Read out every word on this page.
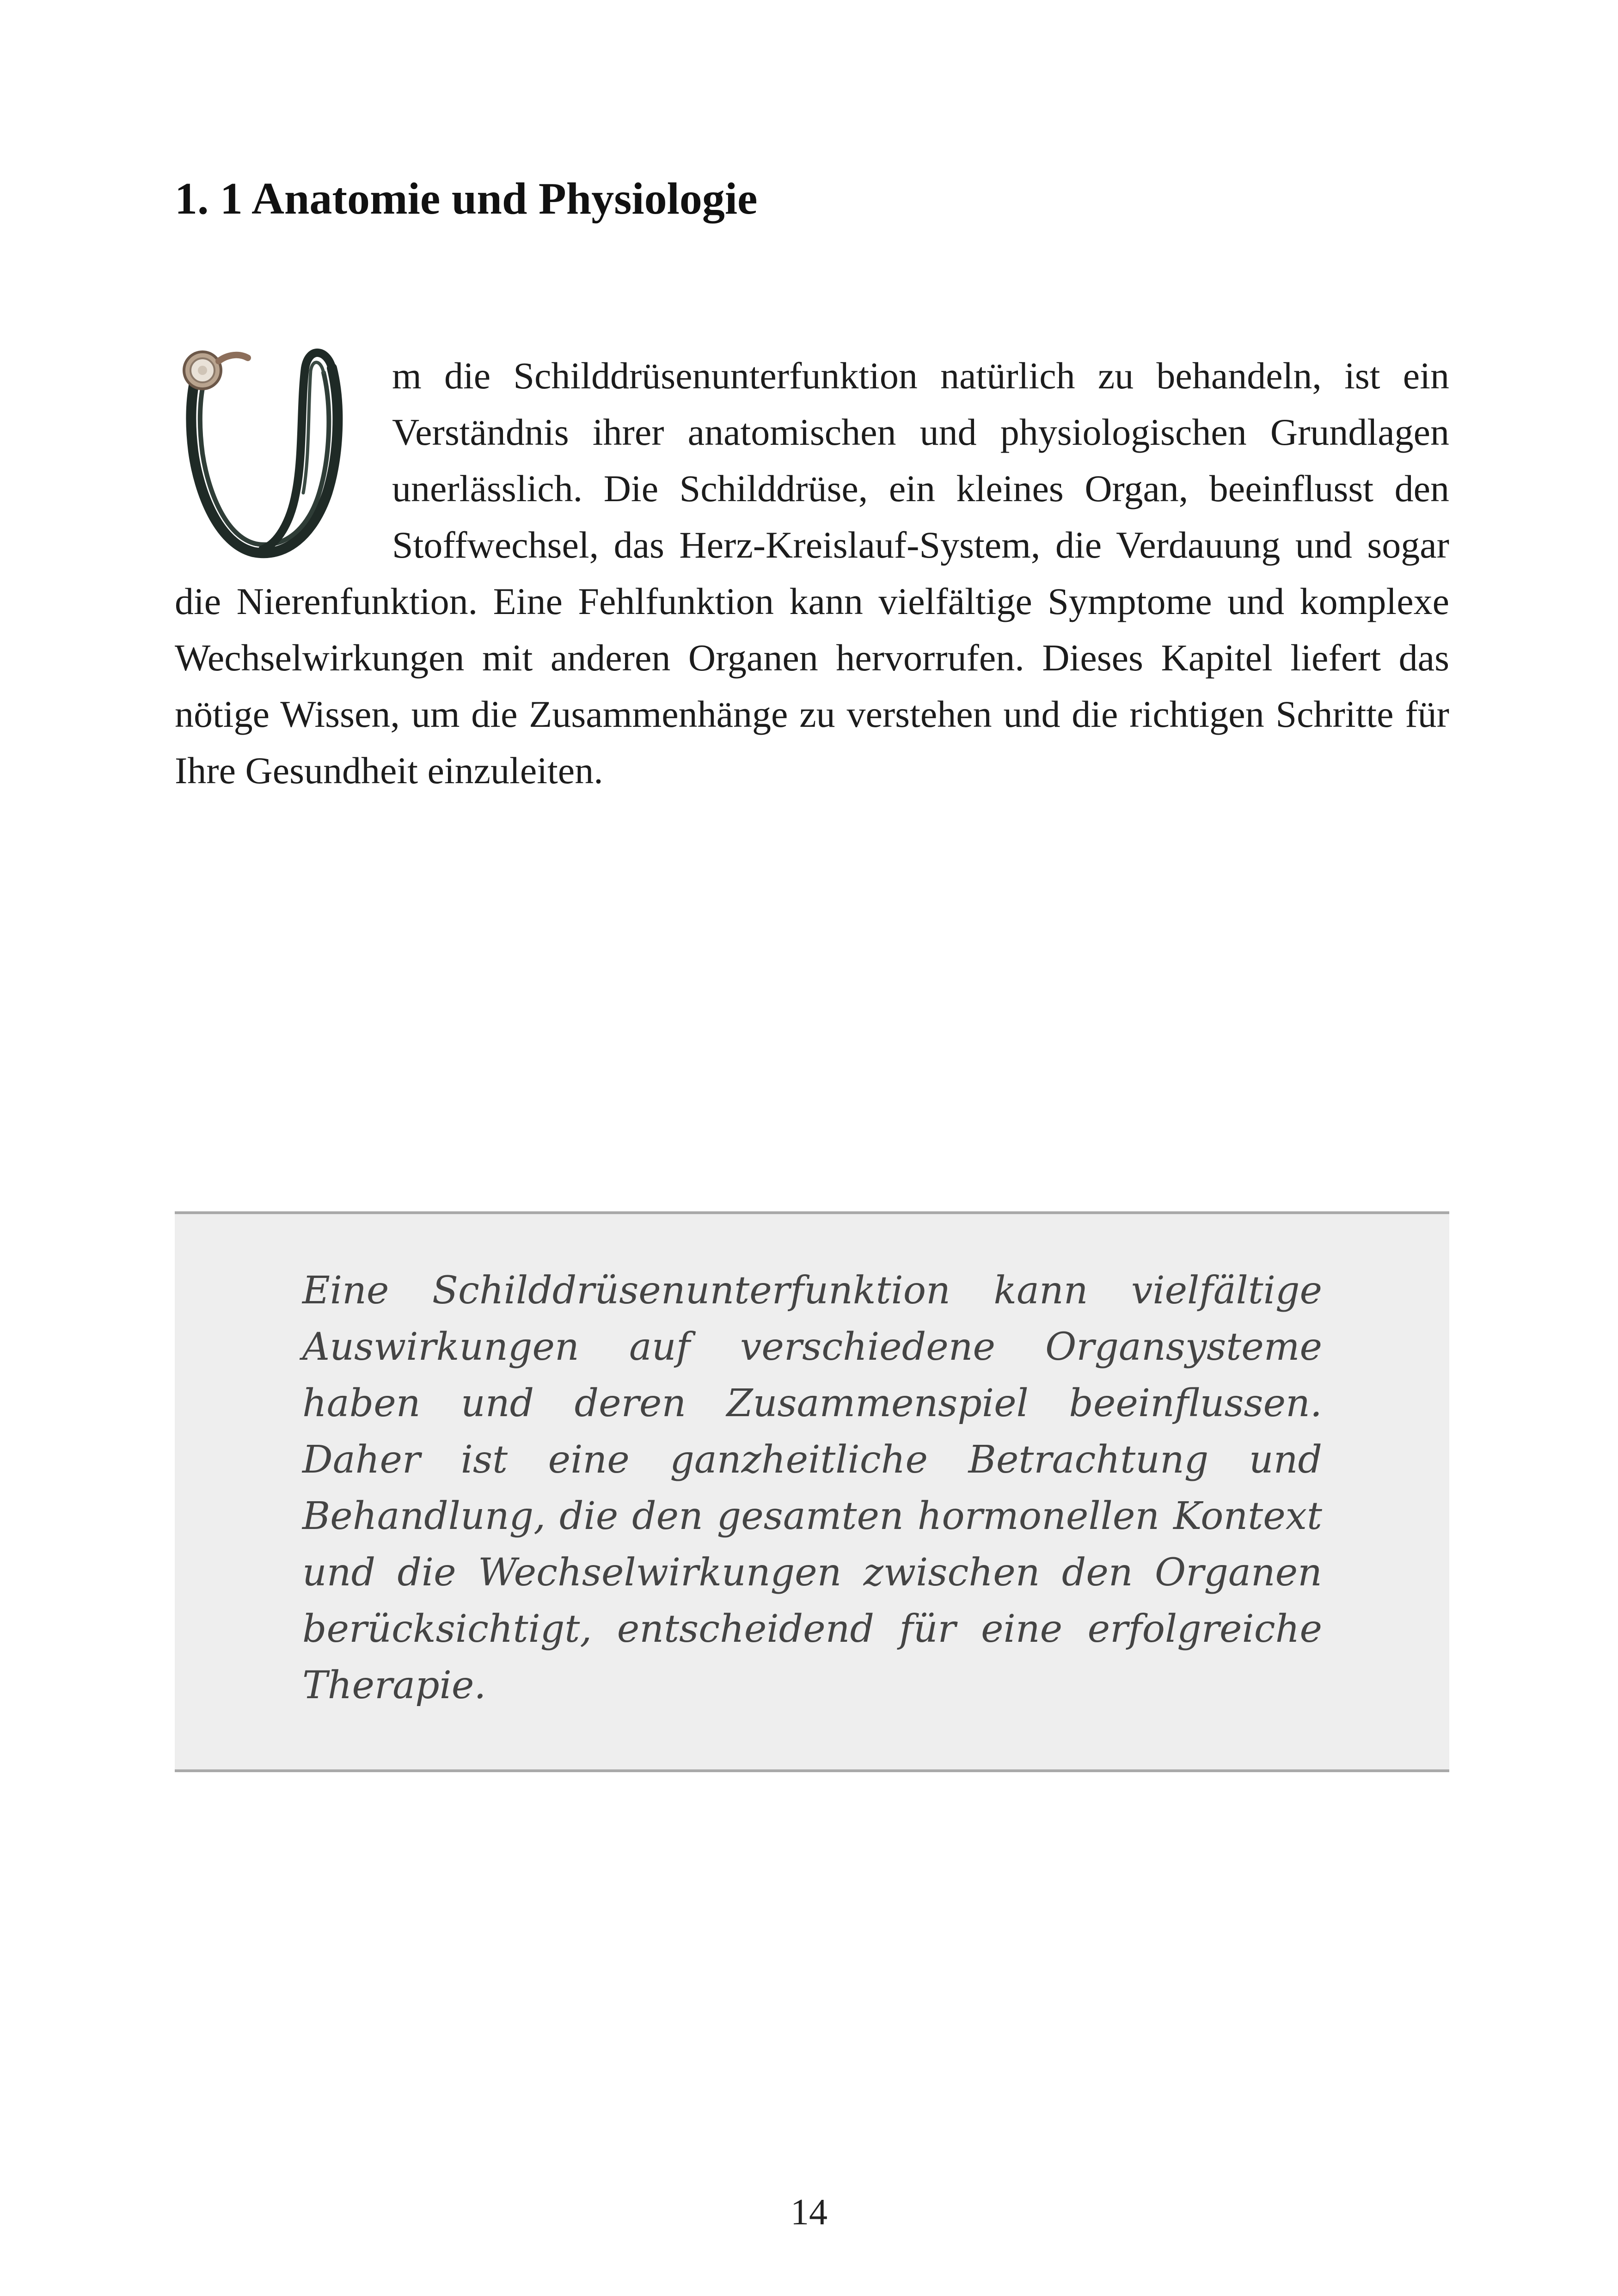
1. 1 Anatomie und Physiologie

m die Schilddrüsenunterfunktion natürlich zu behandeln, ist ein Verständnis ihrer anatomischen und physiologischen Grundlagen unerlässlich. Die Schilddrüse, ein kleines Organ, beeinflusst den Stoffwechsel, das Herz-Kreislauf-System, die Verdauung und sogar die Nierenfunktion. Eine Fehlfunktion kann vielfältige Symptome und komplexe Wechselwirkungen mit anderen Organen hervorrufen. Dieses Kapitel liefert das nötige Wissen, um die Zusammenhänge zu verstehen und die richtigen Schritte für Ihre Gesundheit einzuleiten.

Eine Schilddrüsenunterfunktion kann vielfältige Auswirkungen auf verschiedene Organsysteme haben und deren Zusammenspiel beeinflussen. Daher ist eine ganzheitliche Betrachtung und Behandlung, die den gesamten hormonellen Kontext und die Wechselwirkungen zwischen den Organen berücksichtigt, entscheidend für eine erfolgreiche Therapie.

14
